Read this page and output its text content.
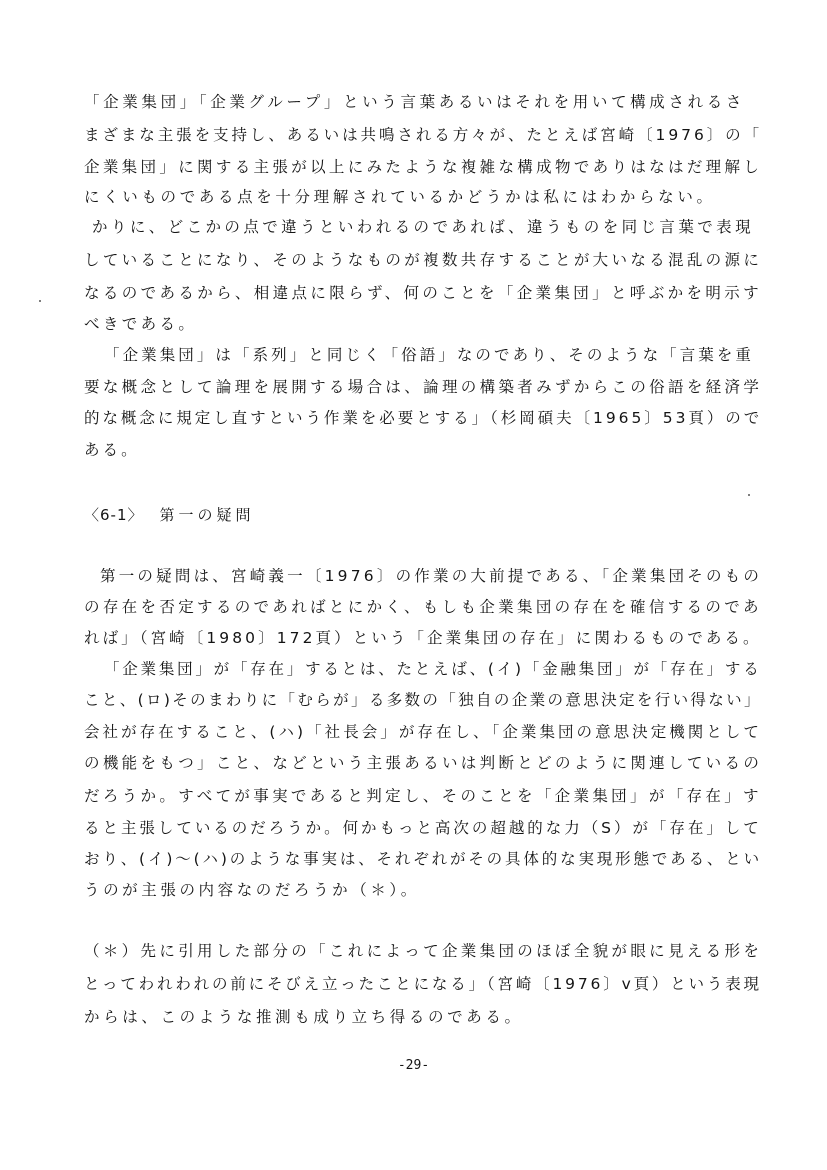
「企業集団」「企業グループ」という言葉あるいはそれを用いて構成されるさ
まざまな主張を支持し、あるいは共鳴される方々が、たとえば宮崎〔1976〕の「
企業集団」に関する主張が以上にみたような複雑な構成物でありはなはだ理解し
にくいものである点を十分理解されているかどうかは私にはわからない。
かりに、どこかの点で違うといわれるのであれば、違うものを同じ言葉で表現
していることになり、そのようなものが複数共存することが大いなる混乱の源に
なるのであるから、相違点に限らず、何のことを「企業集団」と呼ぶかを明示す
べきである。
「企業集団」は「系列」と同じく「俗語」なのであり、そのような「言葉を重
要な概念として論理を展開する場合は、論理の構築者みずからこの俗語を経済学
的な概念に規定し直すという作業を必要とする」（杉岡碩夫〔1965〕53頁）ので
ある。
〈6-1〉 第一の疑問
第一の疑問は、宮崎義一〔1976〕の作業の大前提である、「企業集団そのもの
の存在を否定するのであればとにかく、もしも企業集団の存在を確信するのであ
れば」（宮崎〔1980〕172頁）という「企業集団の存在」に関わるものである。
「企業集団」が「存在」するとは、たとえば、(イ)「金融集団」が「存在」する
こと、(ロ)そのまわりに「むらが」る多数の「独自の企業の意思決定を行い得ない」
会社が存在すること、(ハ)「社長会」が存在し、「企業集団の意思決定機関として
の機能をもつ」こと、などという主張あるいは判断とどのように関連しているの
だろうか。すべてが事実であると判定し、そのことを「企業集団」が「存在」す
ると主張しているのだろうか。何かもっと高次の超越的な力（S）が「存在」して
おり、(イ)～(ハ)のような事実は、それぞれがその具体的な実現形態である、とい
うのが主張の内容なのだろうか（＊）。
（＊）先に引用した部分の「これによって企業集団のほぼ全貌が眼に見える形を
とってわれわれの前にそびえ立ったことになる」（宮崎〔1976〕ⅴ頁）という表現
からは、このような推測も成り立ち得るのである。
-29-
